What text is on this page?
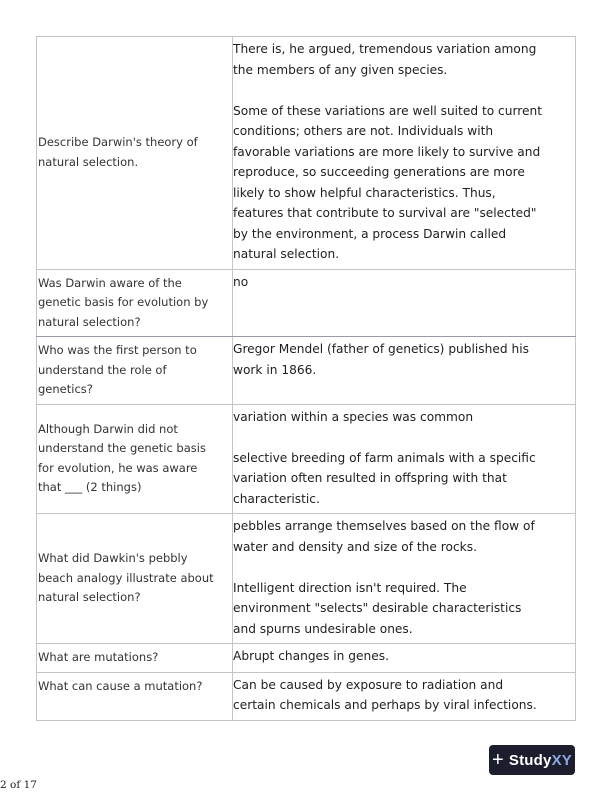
Describe Darwin's theory of natural selection.	There is, he argued, tremendous variation among the members of any given species.

Some of these variations are well suited to current conditions; others are not. Individuals with favorable variations are more likely to survive and reproduce, so succeeding generations are more likely to show helpful characteristics. Thus, features that contribute to survival are "selected" by the environment, a process Darwin called natural selection.

Was Darwin aware of the genetic basis for evolution by natural selection?	no

Who was the first person to understand the role of genetics?	Gregor Mendel (father of genetics) published his work in 1866.

Although Darwin did not understand the genetic basis for evolution, he was aware that ___ (2 things)	variation within a species was common

selective breeding of farm animals with a specific variation often resulted in offspring with that characteristic.

What did Dawkin's pebbly beach analogy illustrate about natural selection?	pebbles arrange themselves based on the flow of water and density and size of the rocks.

Intelligent direction isn't required. The environment "selects" desirable characteristics and spurns undesirable ones.

What are mutations?	Abrupt changes in genes.

What can cause a mutation?	Can be caused by exposure to radiation and certain chemicals and perhaps by viral infections.

+ Study XY
2 of 17
